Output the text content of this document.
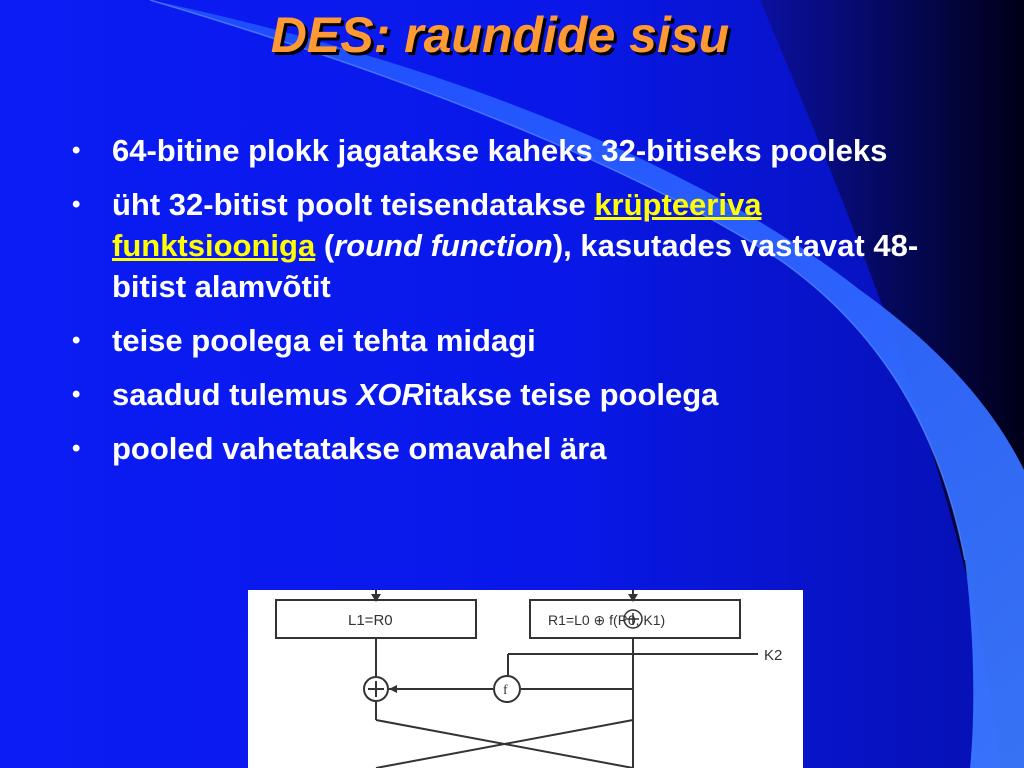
DES: raundide sisu
• 64-bitine plokk jagatakse kaheks 32-bitiseks pooleks
• üht 32-bitist poolt teisendatakse krüpteeriva funktsiooniga (round function), kasutades vastavat 48-bitist alamvõtit
• teise poolega ei tehta midagi
• saadud tulemus XORitakse teise poolega
• pooled vahetatakse omavahel ära
L1=R0	R1=L0 ⊕ f(R0, K1)
K2
f
